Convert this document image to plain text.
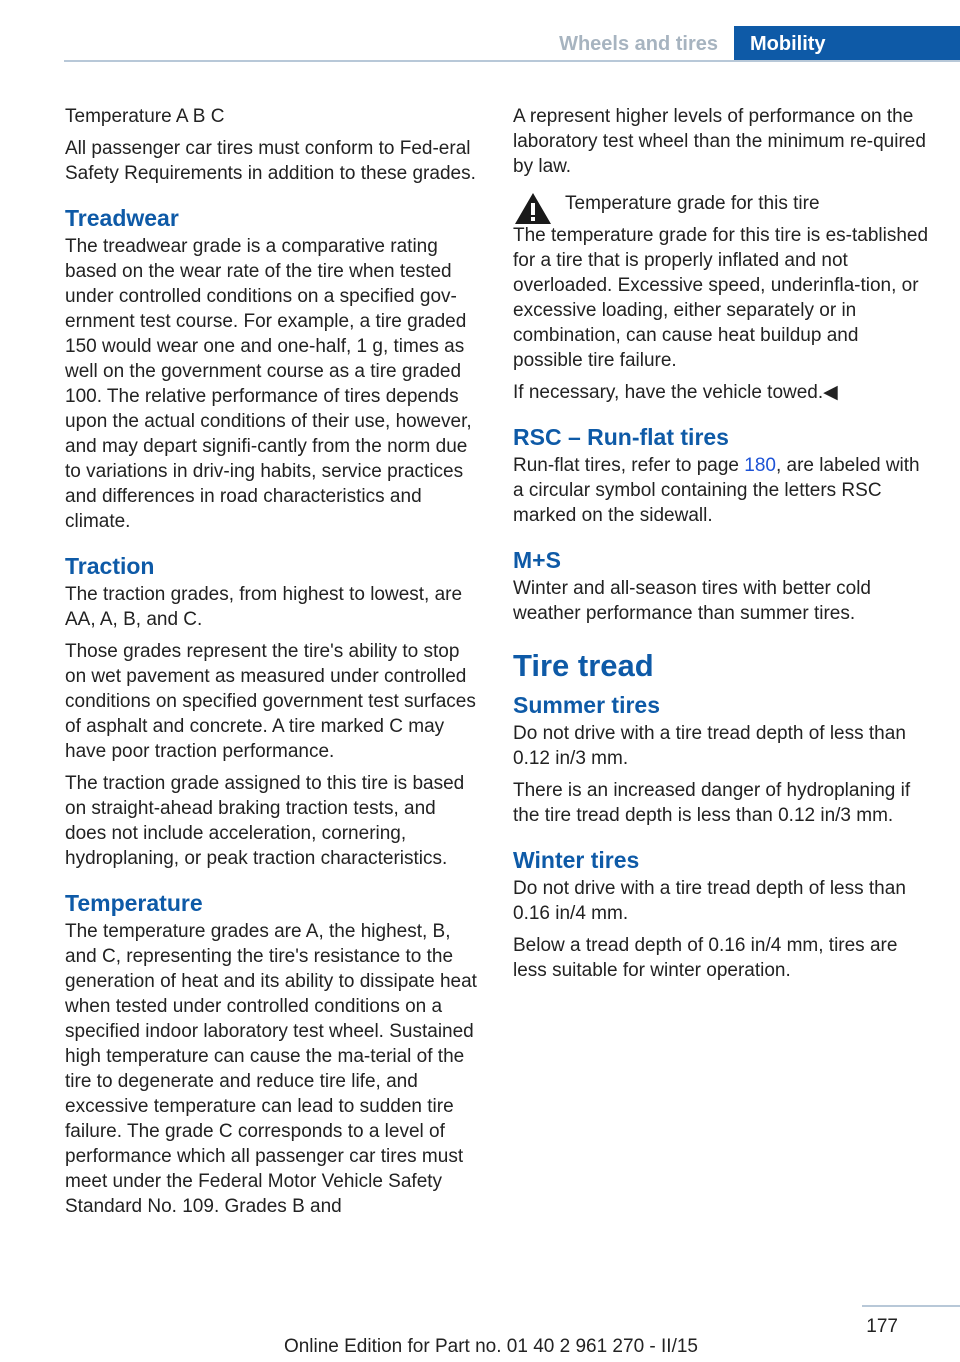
Wheels and tires	Mobility

Temperature A B C

All passenger car tires must conform to Fed-eral Safety Requirements in addition to these grades.

Treadwear

The treadwear grade is a comparative rating based on the wear rate of the tire when tested under controlled conditions on a specified gov-ernment test course. For example, a tire graded 150 would wear one and one-half, 1 g, times as well on the government course as a tire graded 100. The relative performance of tires depends upon the actual conditions of their use, however, and may depart signifi-cantly from the norm due to variations in driv-ing habits, service practices and differences in road characteristics and climate.

Traction

The traction grades, from highest to lowest, are AA, A, B, and C.

Those grades represent the tire's ability to stop on wet pavement as measured under controlled conditions on specified government test surfaces of asphalt and concrete. A tire marked C may have poor traction performance.

The traction grade assigned to this tire is based on straight-ahead braking traction tests, and does not include acceleration, cornering, hydroplaning, or peak traction characteristics.

Temperature

The temperature grades are A, the highest, B, and C, representing the tire's resistance to the generation of heat and its ability to dissipate heat when tested under controlled conditions on a specified indoor laboratory test wheel. Sustained high temperature can cause the ma-terial of the tire to degenerate and reduce tire life, and excessive temperature can lead to sudden tire failure. The grade C corresponds to a level of performance which all passenger car tires must meet under the Federal Motor Vehicle Safety Standard No. 109. Grades B and

A represent higher levels of performance on the laboratory test wheel than the minimum re-quired by law.

Temperature grade for this tire

The temperature grade for this tire is es-tablished for a tire that is properly inflated and not overloaded. Excessive speed, underinfla-tion, or excessive loading, either separately or in combination, can cause heat buildup and possible tire failure.

If necessary, have the vehicle towed.◀

RSC – Run-flat tires

Run-flat tires, refer to page 180, are labeled with a circular symbol containing the letters RSC marked on the sidewall.

M+S

Winter and all-season tires with better cold weather performance than summer tires.

Tire tread
Summer tires

Do not drive with a tire tread depth of less than 0.12 in/3 mm.

There is an increased danger of hydroplaning if the tire tread depth is less than 0.12 in/3 mm.

Winter tires

Do not drive with a tire tread depth of less than 0.16 in/4 mm.

Below a tread depth of 0.16 in/4 mm, tires are less suitable for winter operation.

177
Online Edition for Part no. 01 40 2 961 270 - II/15
